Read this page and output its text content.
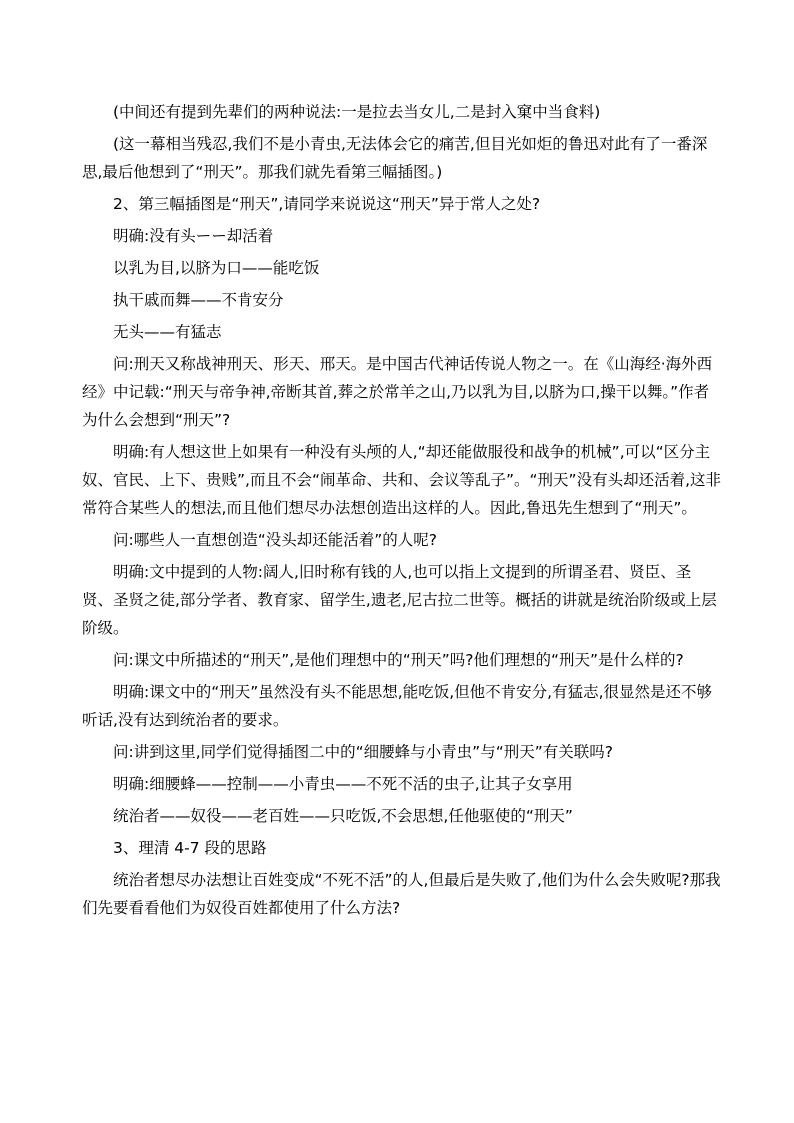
(中间还有提到先辈们的两种说法:一是拉去当女儿,二是封入窠中当食料)

(这一幕相当残忍,我们不是小青虫,无法体会它的痛苦,但目光如炬的鲁迅对此有了一番深思,最后他想到了“刑天”。那我们就先看第三幅插图。)

2、第三幅插图是“刑天”,请同学来说说这“刑天”异于常人之处?

明确:没有头ーー却活着

以乳为目,以脐为口——能吃饭

执干戚而舞——不肯安分

无头——有猛志

问:刑天又称战神刑天、形天、邢天。是中国古代神话传说人物之一。在《山海经·海外西经》中记载:“刑天与帝争神,帝断其首,葬之於常羊之山,乃以乳为目,以脐为口,操干以舞。”作者为什么会想到“刑天”?

明确:有人想这世上如果有一种没有头颅的人,“却还能做服役和战争的机械”,可以“区分主奴、官民、上下、贵贱”,而且不会“闹革命、共和、会议等乱子”。“刑天”没有头却还活着,这非常符合某些人的想法,而且他们想尽办法想创造出这样的人。因此,鲁迅先生想到了“刑天”。

问:哪些人一直想创造“没头却还能活着”的人呢?

明确:文中提到的人物:阔人,旧时称有钱的人,也可以指上文提到的所谓圣君、贤臣、圣贤、圣贤之徒,部分学者、教育家、留学生,遗老,尼古拉二世等。概括的讲就是统治阶级或上层阶级。

问:课文中所描述的“刑天”,是他们理想中的“刑天”吗?他们理想的“刑天”是什么样的?

明确:课文中的“刑天”虽然没有头不能思想,能吃饭,但他不肯安分,有猛志,很显然是还不够听话,没有达到统治者的要求。

问:讲到这里,同学们觉得插图二中的“细腰蜂与小青虫”与“刑天”有关联吗?

明确:细腰蜂——控制——小青虫——不死不活的虫子,让其子女享用

统治者——奴役——老百姓——只吃饭,不会思想,任他驱使的“刑天”

3、理清 4-7 段的思路

统治者想尽办法想让百姓变成“不死不活”的人,但最后是失败了,他们为什么会失败呢?那我们先要看看他们为奴役百姓都使用了什么方法?
